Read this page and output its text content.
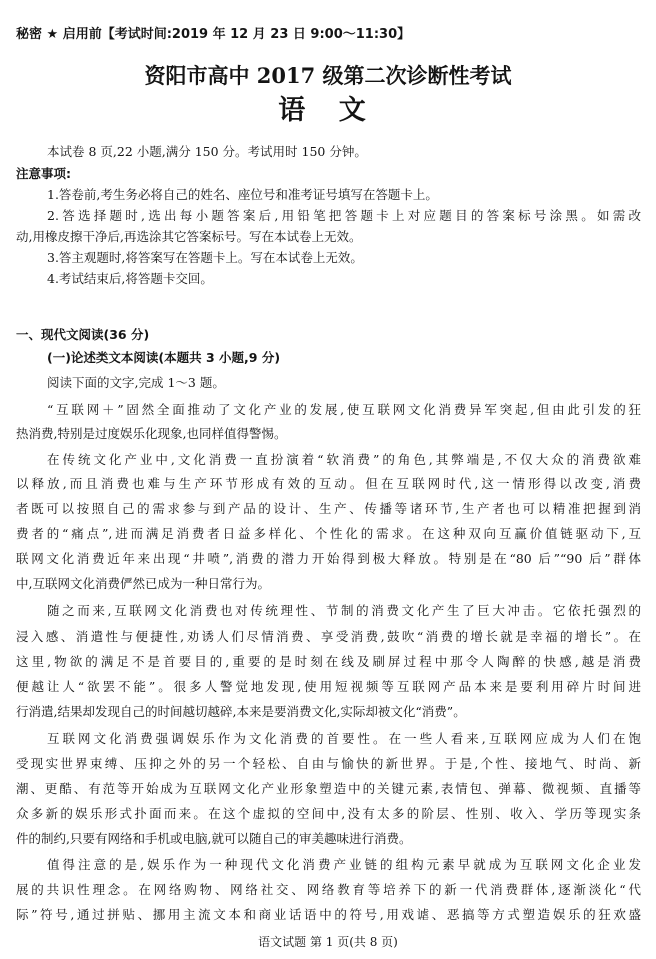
秘密 ★ 启用前【考试时间:2019 年 12 月 23 日 9:00～11:30】
资阳市高中 2017 级第二次诊断性考试
语 文
本试卷 8 页,22 小题,满分 150 分。考试用时 150 分钟。
注意事项:
1.答卷前,考生务必将自己的姓名、座位号和准考证号填写在答题卡上。
2.答选择题时,选出每小题答案后,用铅笔把答题卡上对应题目的答案标号涂黑。如需改
动,用橡皮擦干净后,再选涂其它答案标号。写在本试卷上无效。
3.答主观题时,将答案写在答题卡上。写在本试卷上无效。
4.考试结束后,将答题卡交回。
一、现代文阅读(36 分)
(一)论述类文本阅读(本题共 3 小题,9 分)
阅读下面的文字,完成 1～3 题。
“互联网＋”固然全面推动了文化产业的发展,使互联网文化消费异军突起,但由此引发的狂
热消费,特别是过度娱乐化现象,也同样值得警惕。
在传统文化产业中,文化消费一直扮演着“软消费”的角色,其弊端是,不仅大众的消费欲难
以释放,而且消费也难与生产环节形成有效的互动。但在互联网时代,这一情形得以改变,消费
者既可以按照自己的需求参与到产品的设计、生产、传播等诸环节,生产者也可以精准把握到消
费者的“痛点”,进而满足消费者日益多样化、个性化的需求。在这种双向互赢价值链驱动下,互
联网文化消费近年来出现“井喷”,消费的潜力开始得到极大释放。特别是在“80 后”“90 后”群体
中,互联网文化消费俨然已成为一种日常行为。
随之而来,互联网文化消费也对传统理性、节制的消费文化产生了巨大冲击。它依托强烈的
浸入感、消遣性与便捷性,劝诱人们尽情消费、享受消费,鼓吹“消费的增长就是幸福的增长”。在
这里,物欲的满足不是首要目的,重要的是时刻在线及刷屏过程中那令人陶醉的快感,越是消费
便越让人“欲罢不能”。很多人警觉地发现,使用短视频等互联网产品本来是要利用碎片时间进
行消遣,结果却发现自己的时间越切越碎,本来是要消费文化,实际却被文化“消费”。
互联网文化消费强调娱乐作为文化消费的首要性。在一些人看来,互联网应成为人们在饱
受现实世界束缚、压抑之外的另一个轻松、自由与愉快的新世界。于是,个性、接地气、时尚、新
潮、更酷、有范等开始成为互联网文化产业形象塑造中的关键元素,表情包、弹幕、微视频、直播等
众多新的娱乐形式扑面而来。在这个虚拟的空间中,没有太多的阶层、性别、收入、学历等现实条
件的制约,只要有网络和手机或电脑,就可以随自己的审美趣味进行消费。
值得注意的是,娱乐作为一种现代文化消费产业链的组构元素早就成为互联网文化企业发
展的共识性理念。在网络购物、网络社交、网络教育等培养下的新一代消费群体,逐渐淡化“代
际”符号,通过拼贴、挪用主流文本和商业话语中的符号,用戏谑、恶搞等方式塑造娱乐的狂欢盛
语文试题 第 1 页(共 8 页)
